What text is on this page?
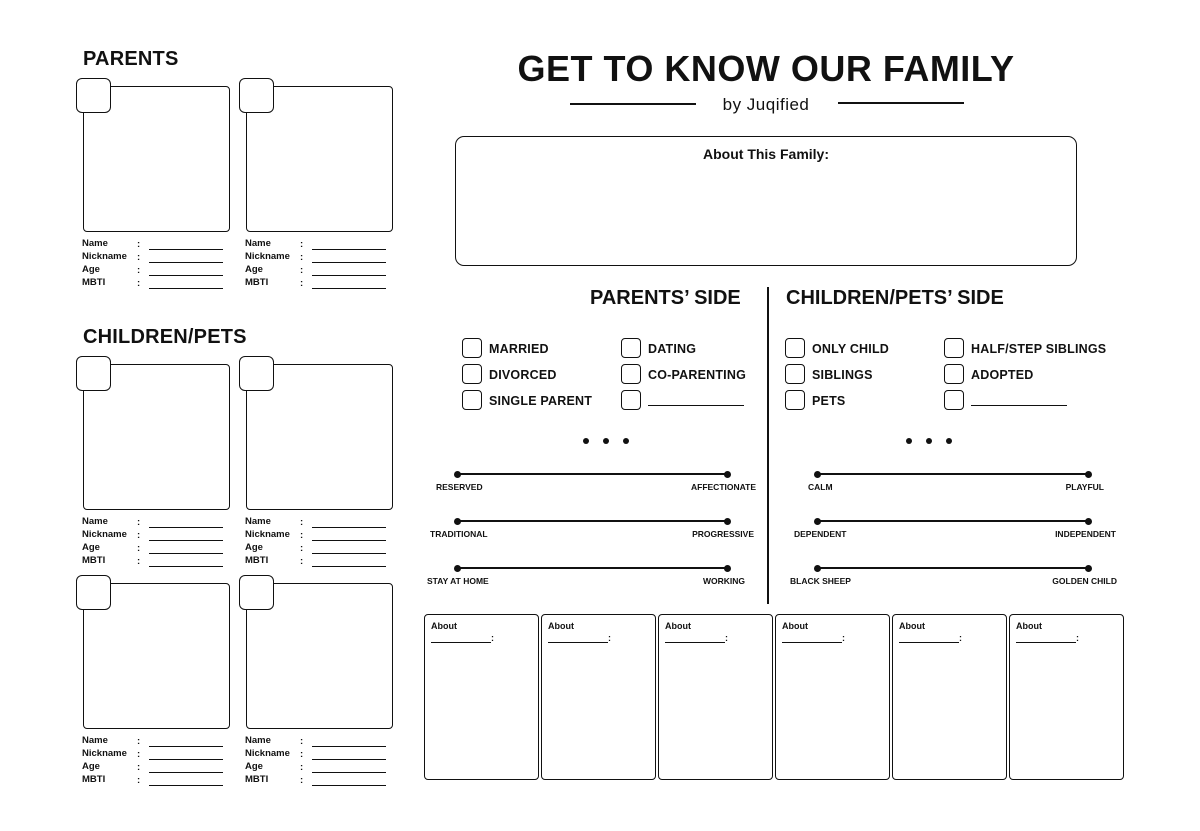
GET TO KNOW OUR FAMILY
by Juqified
About This Family:
PARENTS
CHILDREN/PETS
Name	:
Nickname :
Age	:
MBTI	:
Name	:
Nickname :
Age	:
MBTI	:
Name	:
Nickname :
Age	:
MBTI	:
Name	:
Nickname :
Age	:
MBTI	:
Name	:
Nickname :
Age	:
MBTI	:
Name	:
Nickname :
Age	:
MBTI	:
PARENTS’ SIDE CHILDREN/PETS’ SIDE
MARRIED
DIVORCED
SINGLE PARENT
DATING
CO-PARENTING
ONLY CHILD
SIBLINGS
PETS
HALF/STEP SIBLINGS
ADOPTED
RESERVED	AFFECTIONATE
TRADITIONAL	PROGRESSIVE
STAY AT HOME	WORKING
CALM	PLAYFUL
DEPENDENT	INDEPENDENT
BLACK SHEEP	GOLDEN CHILD
About
:
About
:
About
:
About
:
About
:
About
:
